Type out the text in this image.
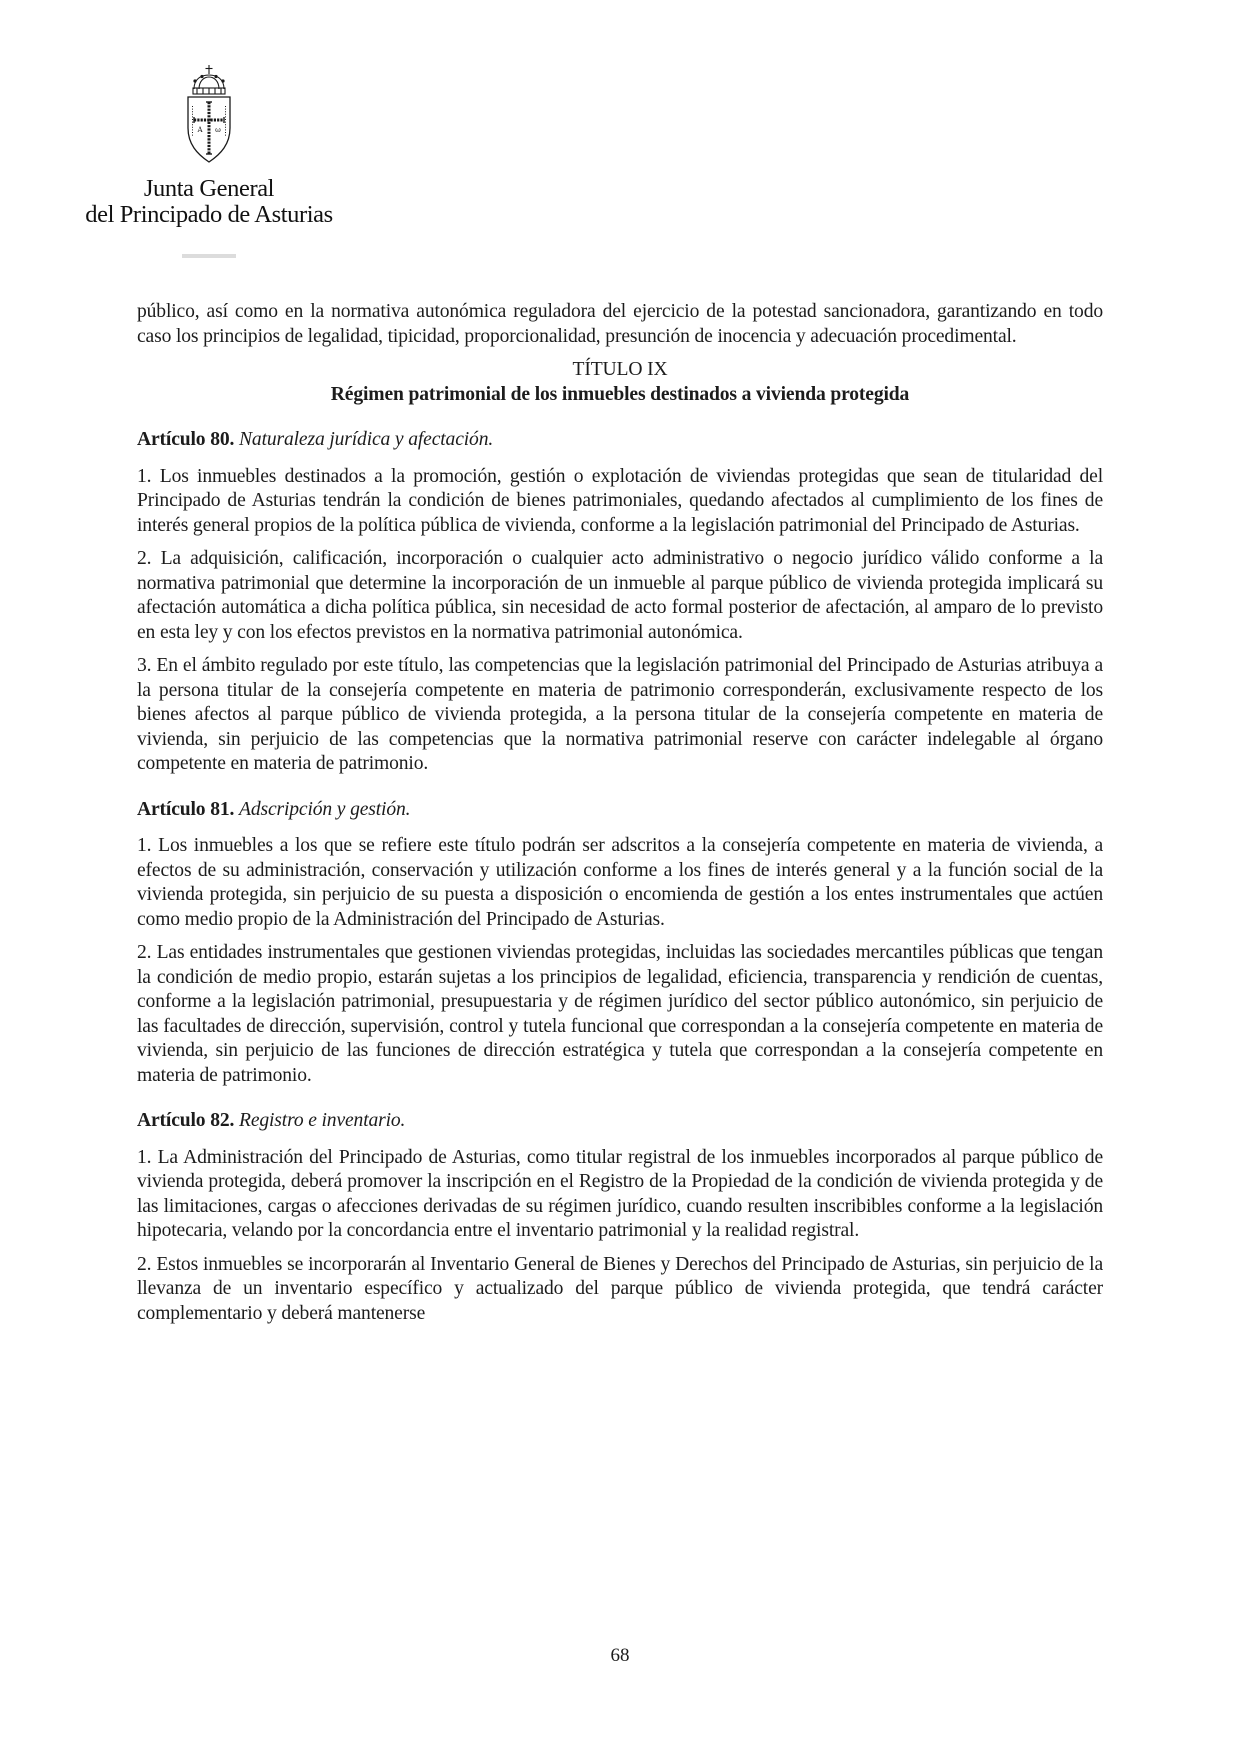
A ω
Junta General
del Principado de Asturias

público, así como en la normativa autonómica reguladora del ejercicio de la potestad sancionadora, garantizando en todo caso los principios de legalidad, tipicidad, proporcionalidad, presunción de inocencia y adecuación procedimental.

TÍTULO IX

Régimen patrimonial de los inmuebles destinados a vivienda protegida

Artículo 80. Naturaleza jurídica y afectación.

1. Los inmuebles destinados a la promoción, gestión o explotación de viviendas protegidas que sean de titularidad del Principado de Asturias tendrán la condición de bienes patrimoniales, quedando afectados al cumplimiento de los fines de interés general propios de la política pública de vivienda, conforme a la legislación patrimonial del Principado de Asturias.

2. La adquisición, calificación, incorporación o cualquier acto administrativo o negocio jurídico válido conforme a la normativa patrimonial que determine la incorporación de un inmueble al parque público de vivienda protegida implicará su afectación automática a dicha política pública, sin necesidad de acto formal posterior de afectación, al amparo de lo previsto en esta ley y con los efectos previstos en la normativa patrimonial autonómica.

3. En el ámbito regulado por este título, las competencias que la legislación patrimonial del Principado de Asturias atribuya a la persona titular de la consejería competente en materia de patrimonio corresponderán, exclusivamente respecto de los bienes afectos al parque público de vivienda protegida, a la persona titular de la consejería competente en materia de vivienda, sin perjuicio de las competencias que la normativa patrimonial reserve con carácter indelegable al órgano competente en materia de patrimonio.

Artículo 81. Adscripción y gestión.

1. Los inmuebles a los que se refiere este título podrán ser adscritos a la consejería competente en materia de vivienda, a efectos de su administración, conservación y utilización conforme a los fines de interés general y a la función social de la vivienda protegida, sin perjuicio de su puesta a disposición o encomienda de gestión a los entes instrumentales que actúen como medio propio de la Administración del Principado de Asturias.

2. Las entidades instrumentales que gestionen viviendas protegidas, incluidas las sociedades mercantiles públicas que tengan la condición de medio propio, estarán sujetas a los principios de legalidad, eficiencia, transparencia y rendición de cuentas, conforme a la legislación patrimonial, presupuestaria y de régimen jurídico del sector público autonómico, sin perjuicio de las facultades de dirección, supervisión, control y tutela funcional que correspondan a la consejería competente en materia de vivienda, sin perjuicio de las funciones de dirección estratégica y tutela que correspondan a la consejería competente en materia de patrimonio.

Artículo 82. Registro e inventario.

1. La Administración del Principado de Asturias, como titular registral de los inmuebles incorporados al parque público de vivienda protegida, deberá promover la inscripción en el Registro de la Propiedad de la condición de vivienda protegida y de las limitaciones, cargas o afecciones derivadas de su régimen jurídico, cuando resulten inscribibles conforme a la legislación hipotecaria, velando por la concordancia entre el inventario patrimonial y la realidad registral.

2. Estos inmuebles se incorporarán al Inventario General de Bienes y Derechos del Principado de Asturias, sin perjuicio de la llevanza de un inventario específico y actualizado del parque público de vivienda protegida, que tendrá carácter complementario y deberá mantenerse

68
